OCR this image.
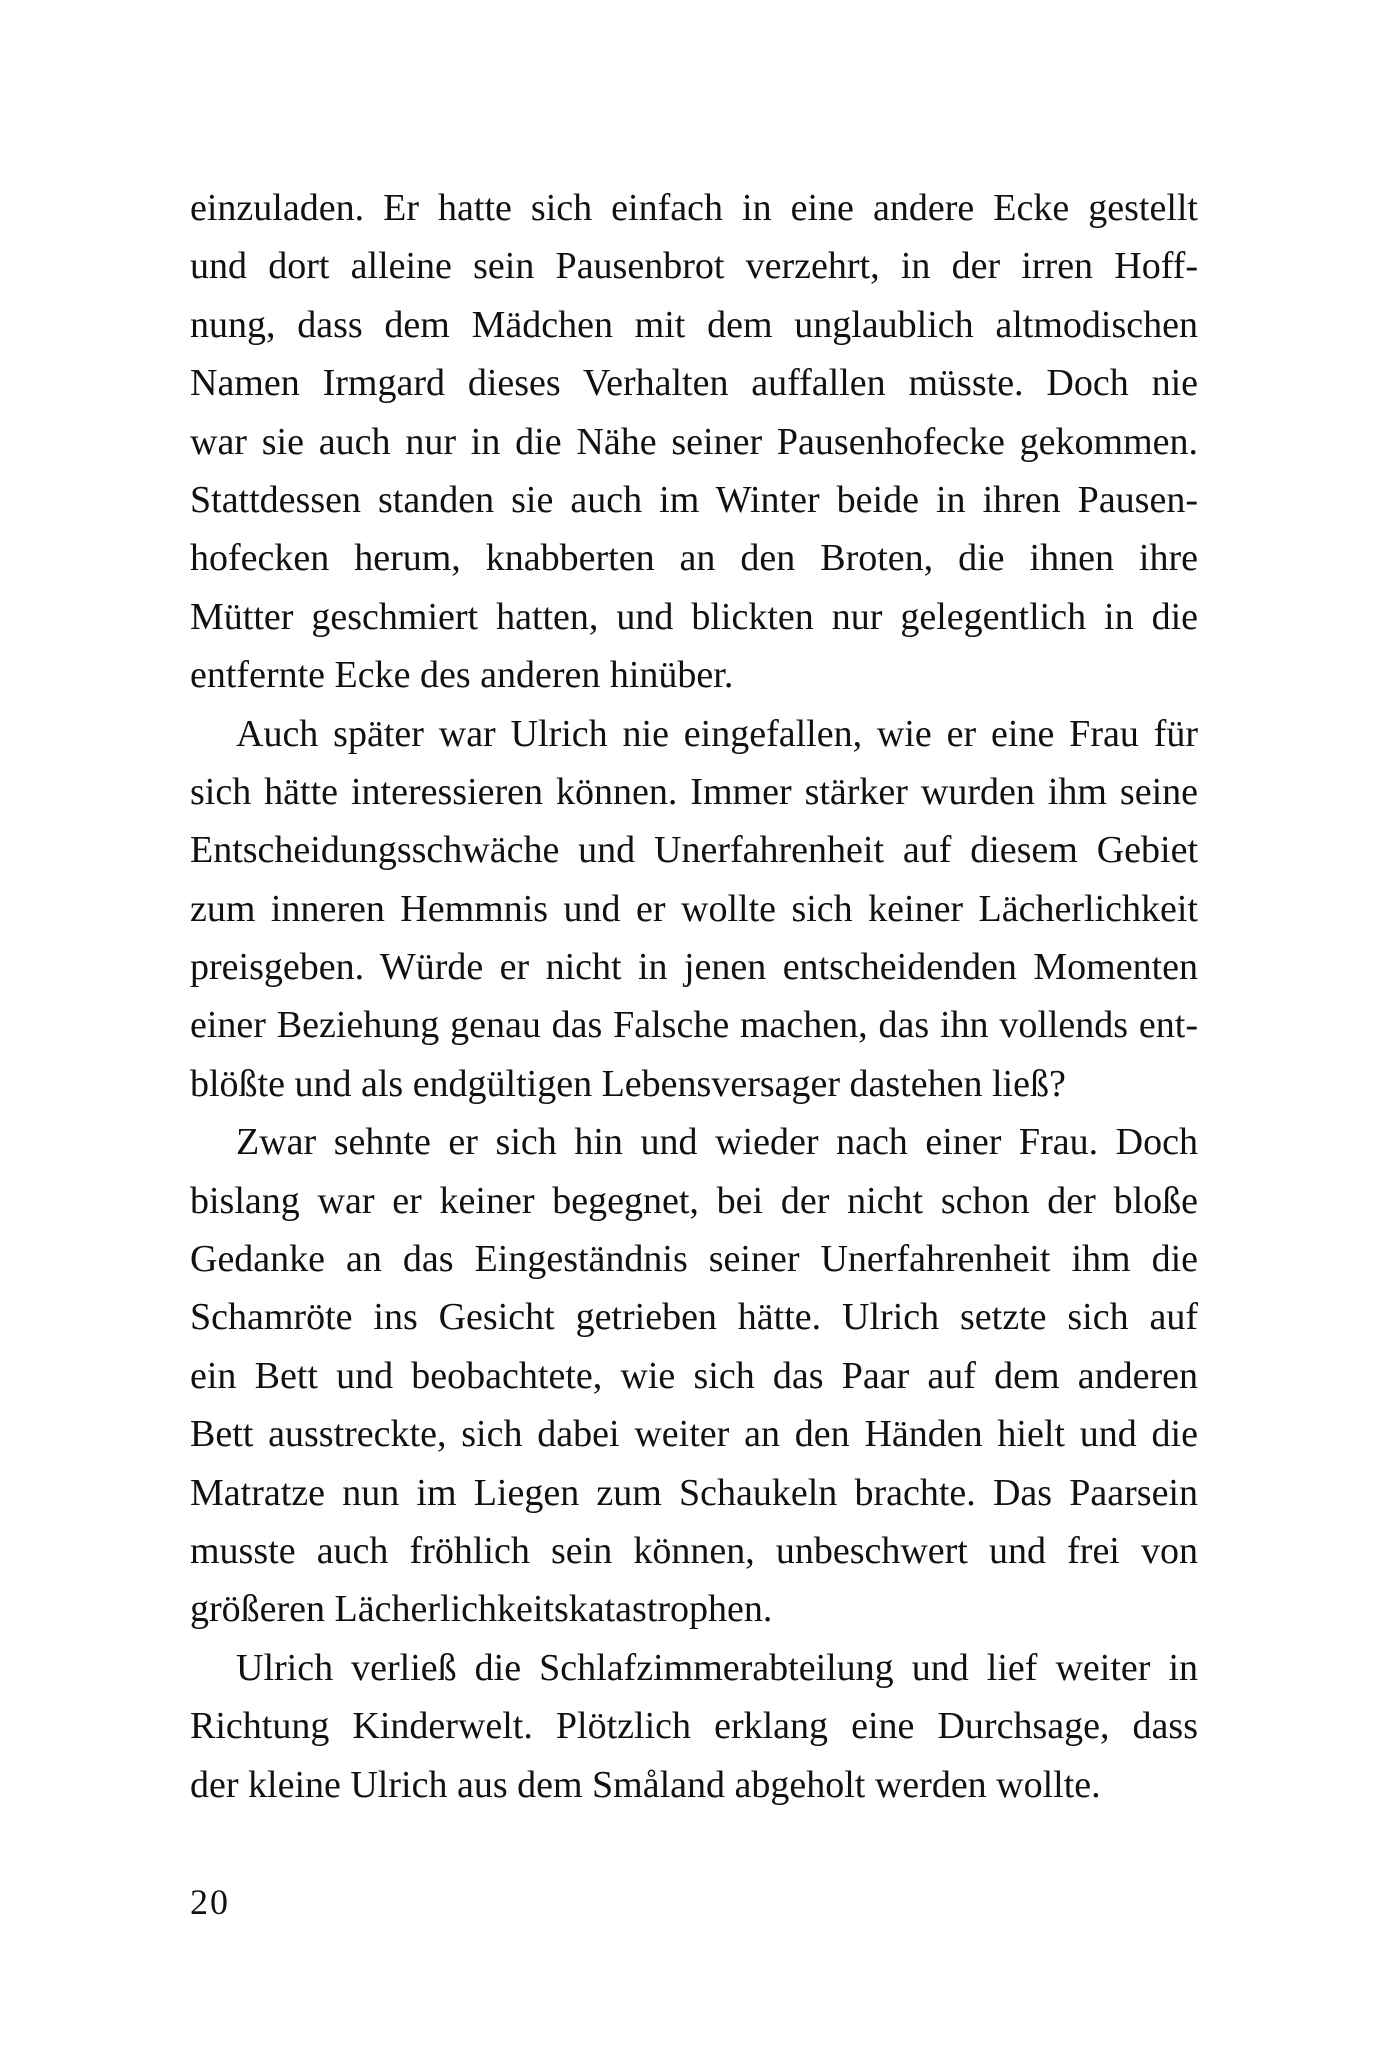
einzuladen. Er hatte sich einfach in eine andere Ecke gestellt
und dort alleine sein Pausenbrot verzehrt, in der irren Hoff-
nung, dass dem Mädchen mit dem unglaublich altmodischen
Namen Irmgard dieses Verhalten auffallen müsste. Doch nie
war sie auch nur in die Nähe seiner Pausenhofecke gekommen.
Stattdessen standen sie auch im Winter beide in ihren Pausen-
hofecken herum, knabberten an den Broten, die ihnen ihre
Mütter geschmiert hatten, und blickten nur gelegentlich in die
entfernte Ecke des anderen hinüber.
Auch später war Ulrich nie eingefallen, wie er eine Frau für
sich hätte interessieren können. Immer stärker wurden ihm seine
Entscheidungsschwäche und Unerfahrenheit auf diesem Gebiet
zum inneren Hemmnis und er wollte sich keiner Lächerlichkeit
preisgeben. Würde er nicht in jenen entscheidenden Momenten
einer Beziehung genau das Falsche machen, das ihn vollends ent-
blößte und als endgültigen Lebensversager dastehen ließ?
Zwar sehnte er sich hin und wieder nach einer Frau. Doch
bislang war er keiner begegnet, bei der nicht schon der bloße
Gedanke an das Eingeständnis seiner Unerfahrenheit ihm die
Schamröte ins Gesicht getrieben hätte. Ulrich setzte sich auf
ein Bett und beobachtete, wie sich das Paar auf dem anderen
Bett ausstreckte, sich dabei weiter an den Händen hielt und die
Matratze nun im Liegen zum Schaukeln brachte. Das Paarsein
musste auch fröhlich sein können, unbeschwert und frei von
größeren Lächerlichkeitskatastrophen.
Ulrich verließ die Schlafzimmerabteilung und lief weiter in
Richtung Kinderwelt. Plötzlich erklang eine Durchsage, dass
der kleine Ulrich aus dem Småland abgeholt werden wollte.
20
